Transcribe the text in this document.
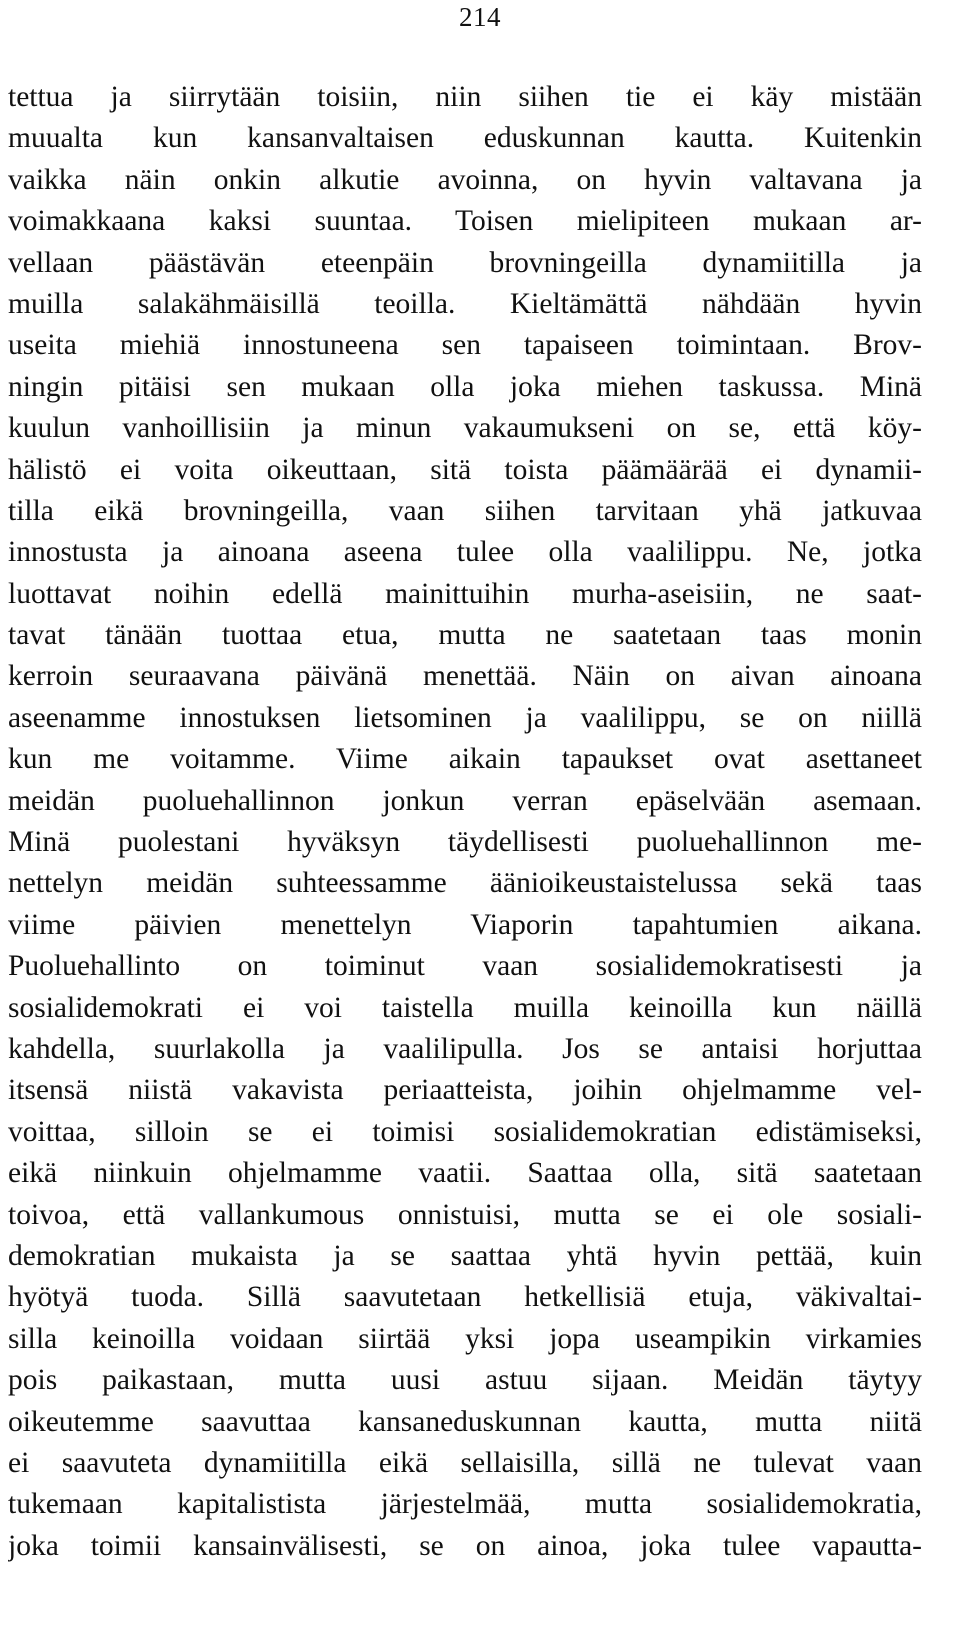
214
tettua ja siirrytään toisiin, niin siihen tie ei käy mistään
muualta kun kansanvaltaisen eduskunnan kautta. Kuitenkin
vaikka näin onkin alkutie avoinna, on hyvin valtavana ja
voimakkaana kaksi suuntaa. Toisen mielipiteen mukaan ar-
vellaan päästävän eteenpäin brovningeilla dynamiitilla ja
muilla salakähmäisillä teoilla. Kieltämättä nähdään hyvin
useita miehiä innostuneena sen tapaiseen toimintaan. Brov-
ningin pitäisi sen mukaan olla joka miehen taskussa. Minä
kuulun vanhoillisiin ja minun vakaumukseni on se, että köy-
hälistö ei voita oikeuttaan, sitä toista päämäärää ei dynamii-
tilla eikä brovningeilla, vaan siihen tarvitaan yhä jatkuvaa
innostusta ja ainoana aseena tulee olla vaalilippu. Ne, jotka
luottavat noihin edellä mainittuihin murha-aseisiin, ne saat-
tavat tänään tuottaa etua, mutta ne saatetaan taas monin
kerroin seuraavana päivänä menettää. Näin on aivan ainoana
aseenamme innostuksen lietsominen ja vaalilippu, se on niillä
kun me voitamme. Viime aikain tapaukset ovat asettaneet
meidän puoluehallinnon jonkun verran epäselvään asemaan.
Minä puolestani hyväksyn täydellisesti puoluehallinnon me-
nettelyn meidän suhteessamme äänioikeustaistelussa sekä taas
viime päivien menettelyn Viaporin tapahtumien aikana.
Puoluehallinto on toiminut vaan sosialidemokratisesti ja
sosialidemokrati ei voi taistella muilla keinoilla kun näillä
kahdella, suurlakolla ja vaalilipulla. Jos se antaisi horjuttaa
itsensä niistä vakavista periaatteista, joihin ohjelmamme vel-
voittaa, silloin se ei toimisi sosialidemokratian edistämiseksi,
eikä niinkuin ohjelmamme vaatii. Saattaa olla, sitä saatetaan
toivoa, että vallankumous onnistuisi, mutta se ei ole sosiali-
demokratian mukaista ja se saattaa yhtä hyvin pettää, kuin
hyötyä tuoda. Sillä saavutetaan hetkellisiä etuja, väkivaltai-
silla keinoilla voidaan siirtää yksi jopa useampikin virkamies
pois paikastaan, mutta uusi astuu sijaan. Meidän täytyy
oikeutemme saavuttaa kansaneduskunnan kautta, mutta niitä
ei saavuteta dynamiitilla eikä sellaisilla, sillä ne tulevat vaan
tukemaan kapitalistista järjestelmää, mutta sosialidemokratia,
joka toimii kansainvälisesti, se on ainoa, joka tulee vapautta-
